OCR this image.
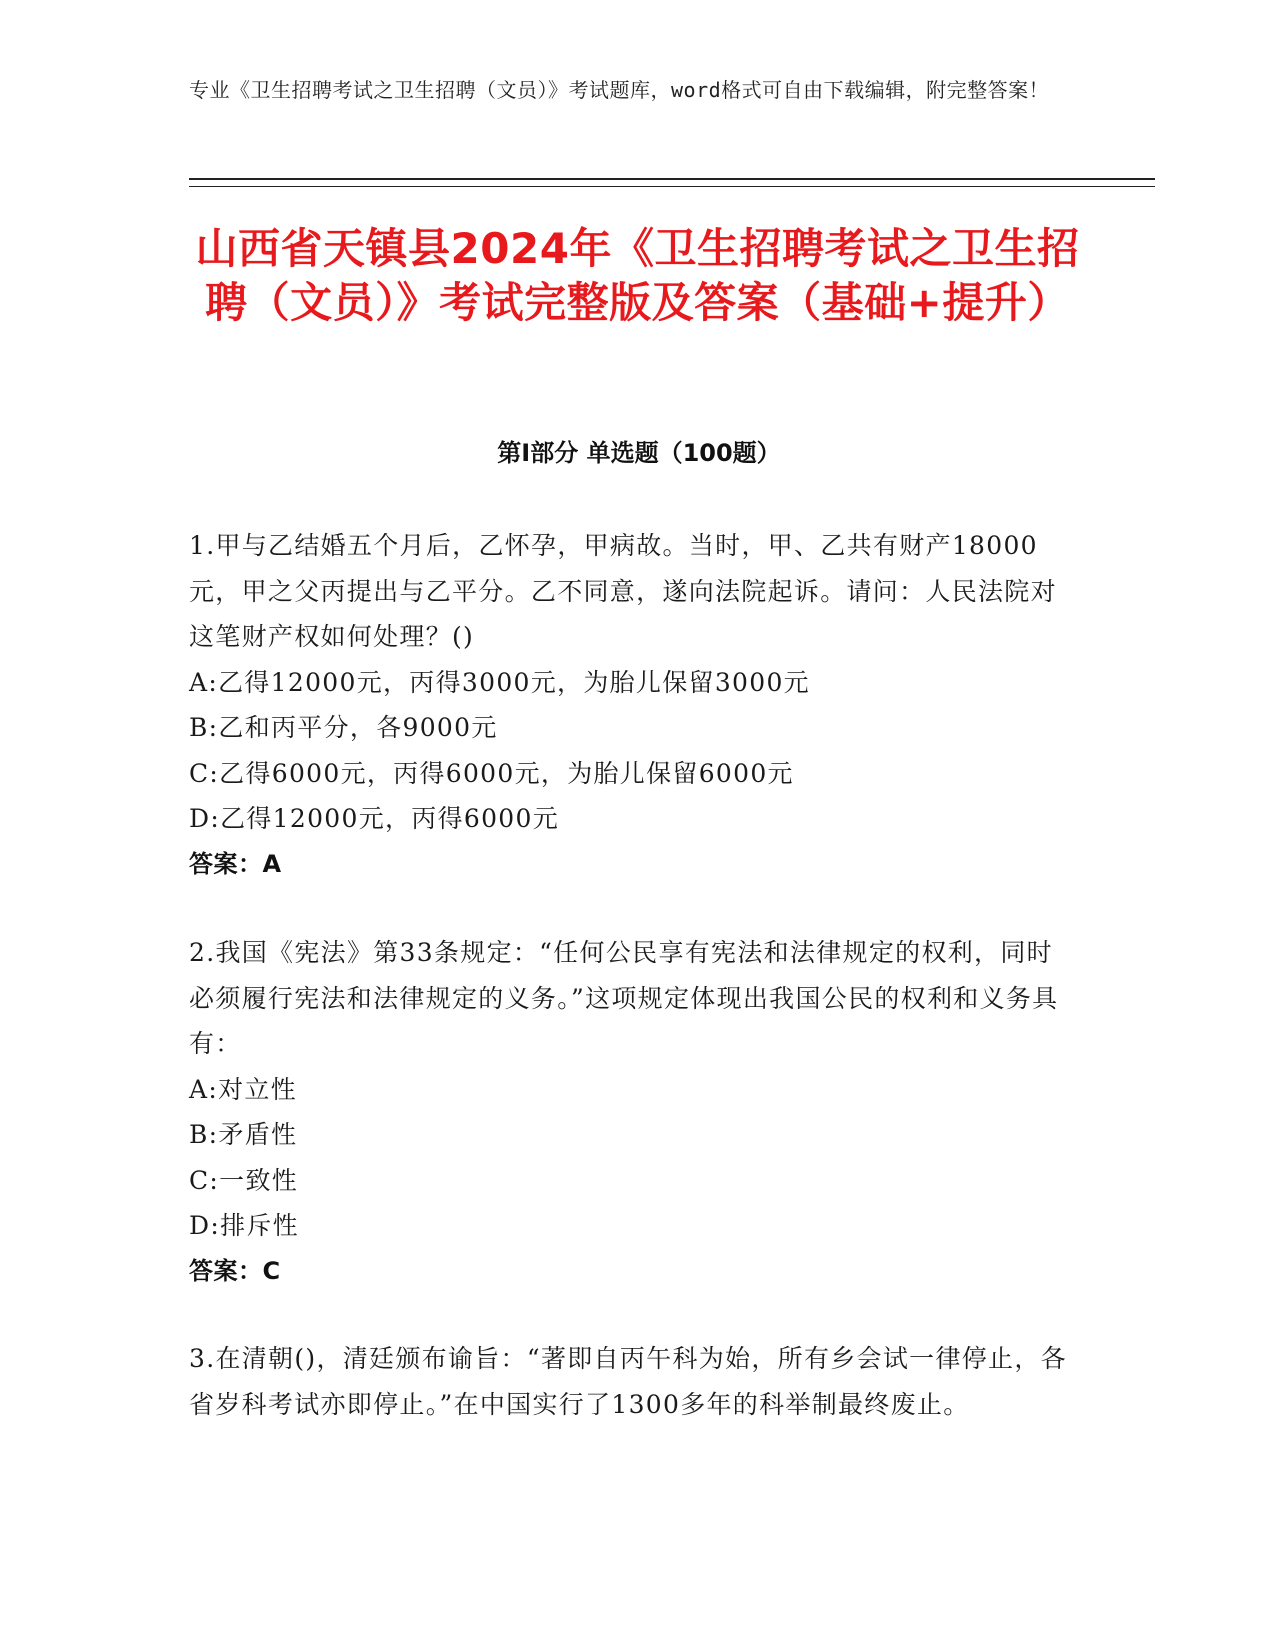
专业《卫生招聘考试之卫生招聘（文员）》考试题库，word格式可自由下载编辑，附完整答案！
山西省天镇县2024年《卫生招聘考试之卫生招聘（文员）》考试完整版及答案（基础+提升）
第Ⅰ部分 单选题（100题）

1.甲与乙结婚五个月后，乙怀孕，甲病故。当时，甲、乙共有财产18000元，甲之父丙提出与乙平分。乙不同意，遂向法院起诉。请问：人民法院对这笔财产权如何处理？()

A:乙得12000元，丙得3000元，为胎儿保留3000元

B:乙和丙平分，各9000元

C:乙得6000元，丙得6000元，为胎儿保留6000元

D:乙得12000元，丙得6000元

答案：A

2.我国《宪法》第33条规定：“任何公民享有宪法和法律规定的权利，同时必须履行宪法和法律规定的义务。”这项规定体现出我国公民的权利和义务具有：

A:对立性

B:矛盾性

C:一致性

D:排斥性

答案：C

3.在清朝()，清廷颁布谕旨：“著即自丙午科为始，所有乡会试一律停止，各省岁科考试亦即停止。”在中国实行了1300多年的科举制最终废止。
